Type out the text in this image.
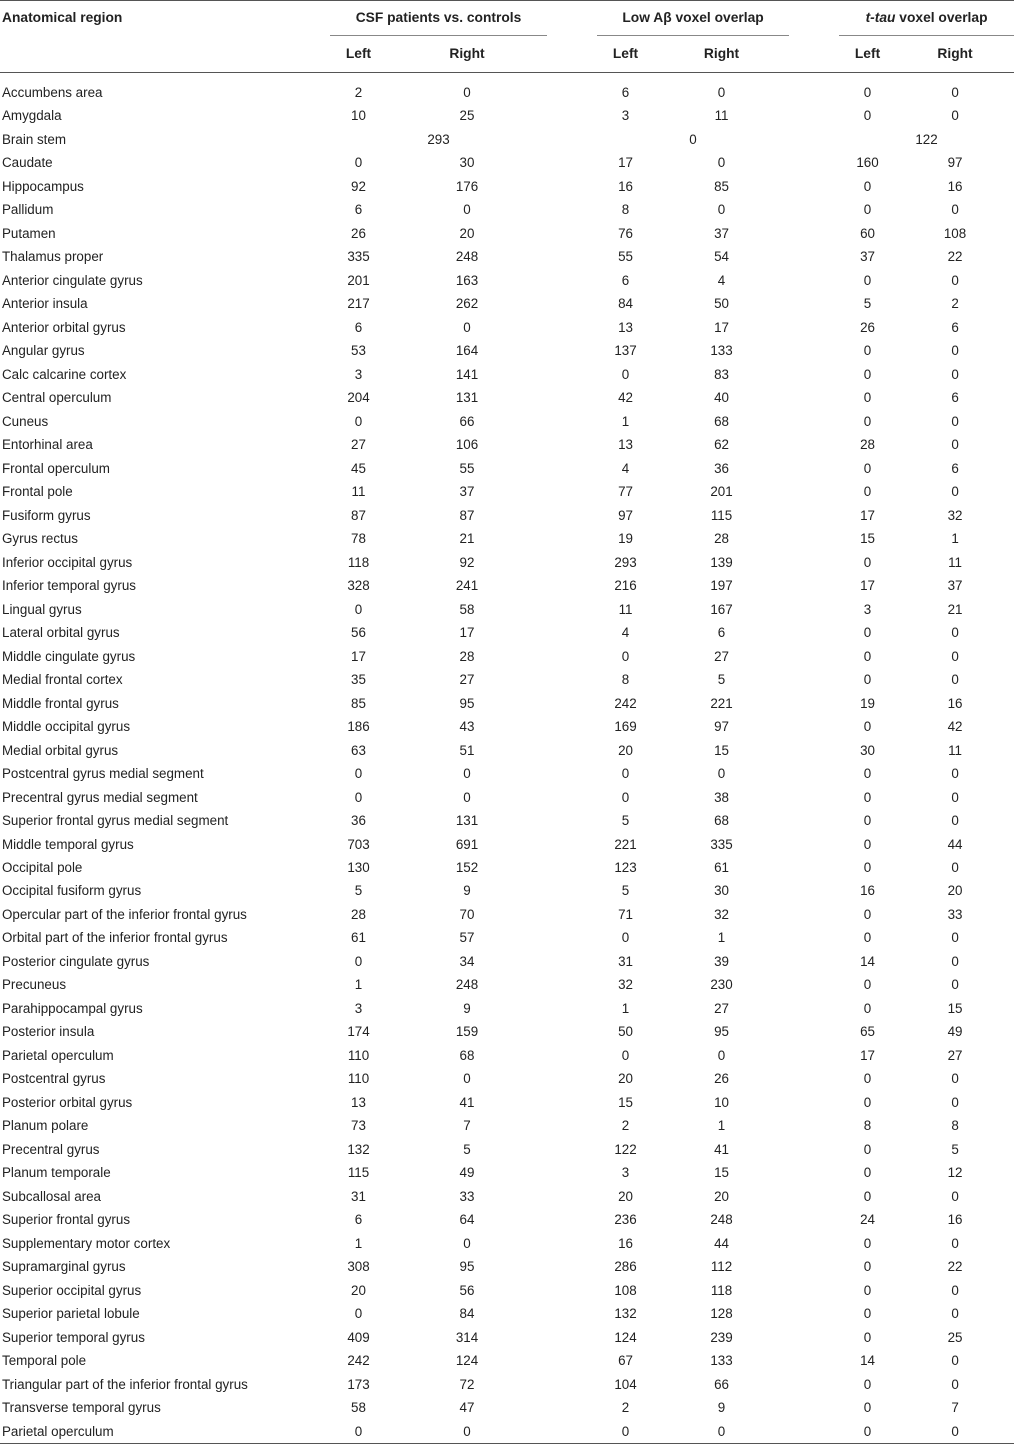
Anatomical region	CSF patients vs. controls			Low Aβ voxel overlap			t-tau voxel overlap	
	Left	Right		Left	Right		Left	Right
Accumbens area	2	0		6	0		0	0
Amygdala	10	25		3	11		0	0
Brain stem	293			0			122	
Caudate	0	30		17	0		160	97
Hippocampus	92	176		16	85		0	16
Pallidum	6	0		8	0		0	0
Putamen	26	20		76	37		60	108
Thalamus proper	335	248		55	54		37	22
Anterior cingulate gyrus	201	163		6	4		0	0
Anterior insula	217	262		84	50		5	2
Anterior orbital gyrus	6	0		13	17		26	6
Angular gyrus	53	164		137	133		0	0
Calc calcarine cortex	3	141		0	83		0	0
Central operculum	204	131		42	40		0	6
Cuneus	0	66		1	68		0	0
Entorhinal area	27	106		13	62		28	0
Frontal operculum	45	55		4	36		0	6
Frontal pole	11	37		77	201		0	0
Fusiform gyrus	87	87		97	115		17	32
Gyrus rectus	78	21		19	28		15	1
Inferior occipital gyrus	118	92		293	139		0	11
Inferior temporal gyrus	328	241		216	197		17	37
Lingual gyrus	0	58		11	167		3	21
Lateral orbital gyrus	56	17		4	6		0	0
Middle cingulate gyrus	17	28		0	27		0	0
Medial frontal cortex	35	27		8	5		0	0
Middle frontal gyrus	85	95		242	221		19	16
Middle occipital gyrus	186	43		169	97		0	42
Medial orbital gyrus	63	51		20	15		30	11
Postcentral gyrus medial segment	0	0		0	0		0	0
Precentral gyrus medial segment	0	0		0	38		0	0
Superior frontal gyrus medial segment	36	131		5	68		0	0
Middle temporal gyrus	703	691		221	335		0	44
Occipital pole	130	152		123	61		0	0
Occipital fusiform gyrus	5	9		5	30		16	20
Opercular part of the inferior frontal gyrus	28	70		71	32		0	33
Orbital part of the inferior frontal gyrus	61	57		0	1		0	0
Posterior cingulate gyrus	0	34		31	39		14	0
Precuneus	1	248		32	230		0	0
Parahippocampal gyrus	3	9		1	27		0	15
Posterior insula	174	159		50	95		65	49
Parietal operculum	110	68		0	0		17	27
Postcentral gyrus	110	0		20	26		0	0
Posterior orbital gyrus	13	41		15	10		0	0
Planum polare	73	7		2	1		8	8
Precentral gyrus	132	5		122	41		0	5
Planum temporale	115	49		3	15		0	12
Subcallosal area	31	33		20	20		0	0
Superior frontal gyrus	6	64		236	248		24	16
Supplementary motor cortex	1	0		16	44		0	0
Supramarginal gyrus	308	95		286	112		0	22
Superior occipital gyrus	20	56		108	118		0	0
Superior parietal lobule	0	84		132	128		0	0
Superior temporal gyrus	409	314		124	239		0	25
Temporal pole	242	124		67	133		14	0
Triangular part of the inferior frontal gyrus	173	72		104	66		0	0
Transverse temporal gyrus	58	47		2	9		0	7
Parietal operculum	0	0		0	0		0	0
